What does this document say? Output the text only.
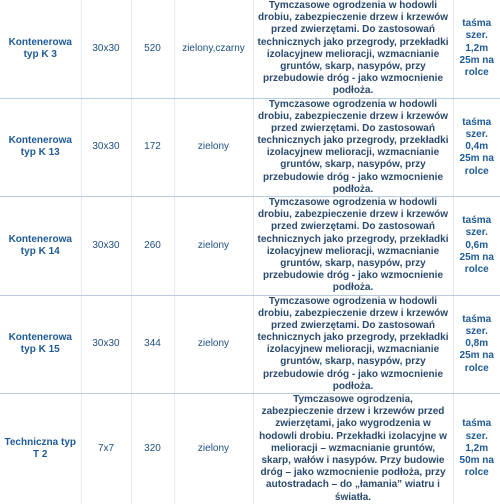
Kontenerowa typ K 3	30x30	520	zielony,czarny	Tymczasowe ogrodzenia w hodowli drobiu, zabezpieczenie drzew i krzewów przed zwierzętami. Do zastosowań technicznych jako przegrody, przekładki izolacyjnew melioracji, wzmacnianie gruntów, skarp, nasypów, przy przebudowie dróg - jako wzmocnienie podłoża.	taśma szer. 1,2m 25m na rolce
Kontenerowa typ K 13	30x30	172	zielony	Tymczasowe ogrodzenia w hodowli drobiu, zabezpieczenie drzew i krzewów przed zwierzętami. Do zastosowań technicznych jako przegrody, przekładki izolacyjnew melioracji, wzmacnianie gruntów, skarp, nasypów, przy przebudowie dróg - jako wzmocnienie podłoża.	taśma szer. 0,4m 25m na rolce
Kontenerowa typ K 14	30x30	260	zielony	Tymczasowe ogrodzenia w hodowli drobiu, zabezpieczenie drzew i krzewów przed zwierzętami. Do zastosowań technicznych jako przegrody, przekładki izolacyjnew melioracji, wzmacnianie gruntów, skarp, nasypów, przy przebudowie dróg - jako wzmocnienie podłoża.	taśma szer. 0,6m 25m na rolce
Kontenerowa typ K 15	30x30	344	zielony	Tymczasowe ogrodzenia w hodowli drobiu, zabezpieczenie drzew i krzewów przed zwierzętami. Do zastosowań technicznych jako przegrody, przekładki izolacyjnew melioracji, wzmacnianie gruntów, skarp, nasypów, przy przebudowie dróg - jako wzmocnienie podłoża.	taśma szer. 0,8m 25m na rolce
Techniczna typ T 2	7x7	320	zielony	Tymczasowe ogrodzenia, zabezpieczenie drzew i krzewów przed zwierzętami, jako wygrodzenia w hodowli drobiu. Przekładki izolacyjne w melioracji – wzmacnianie gruntów, skarp, wałów i nasypów. Przy budowie dróg – jako wzmocnienie podłoża, przy autostradach – do „łamania” wiatru i światła.	taśma szer. 1,2m 50m na rolce
